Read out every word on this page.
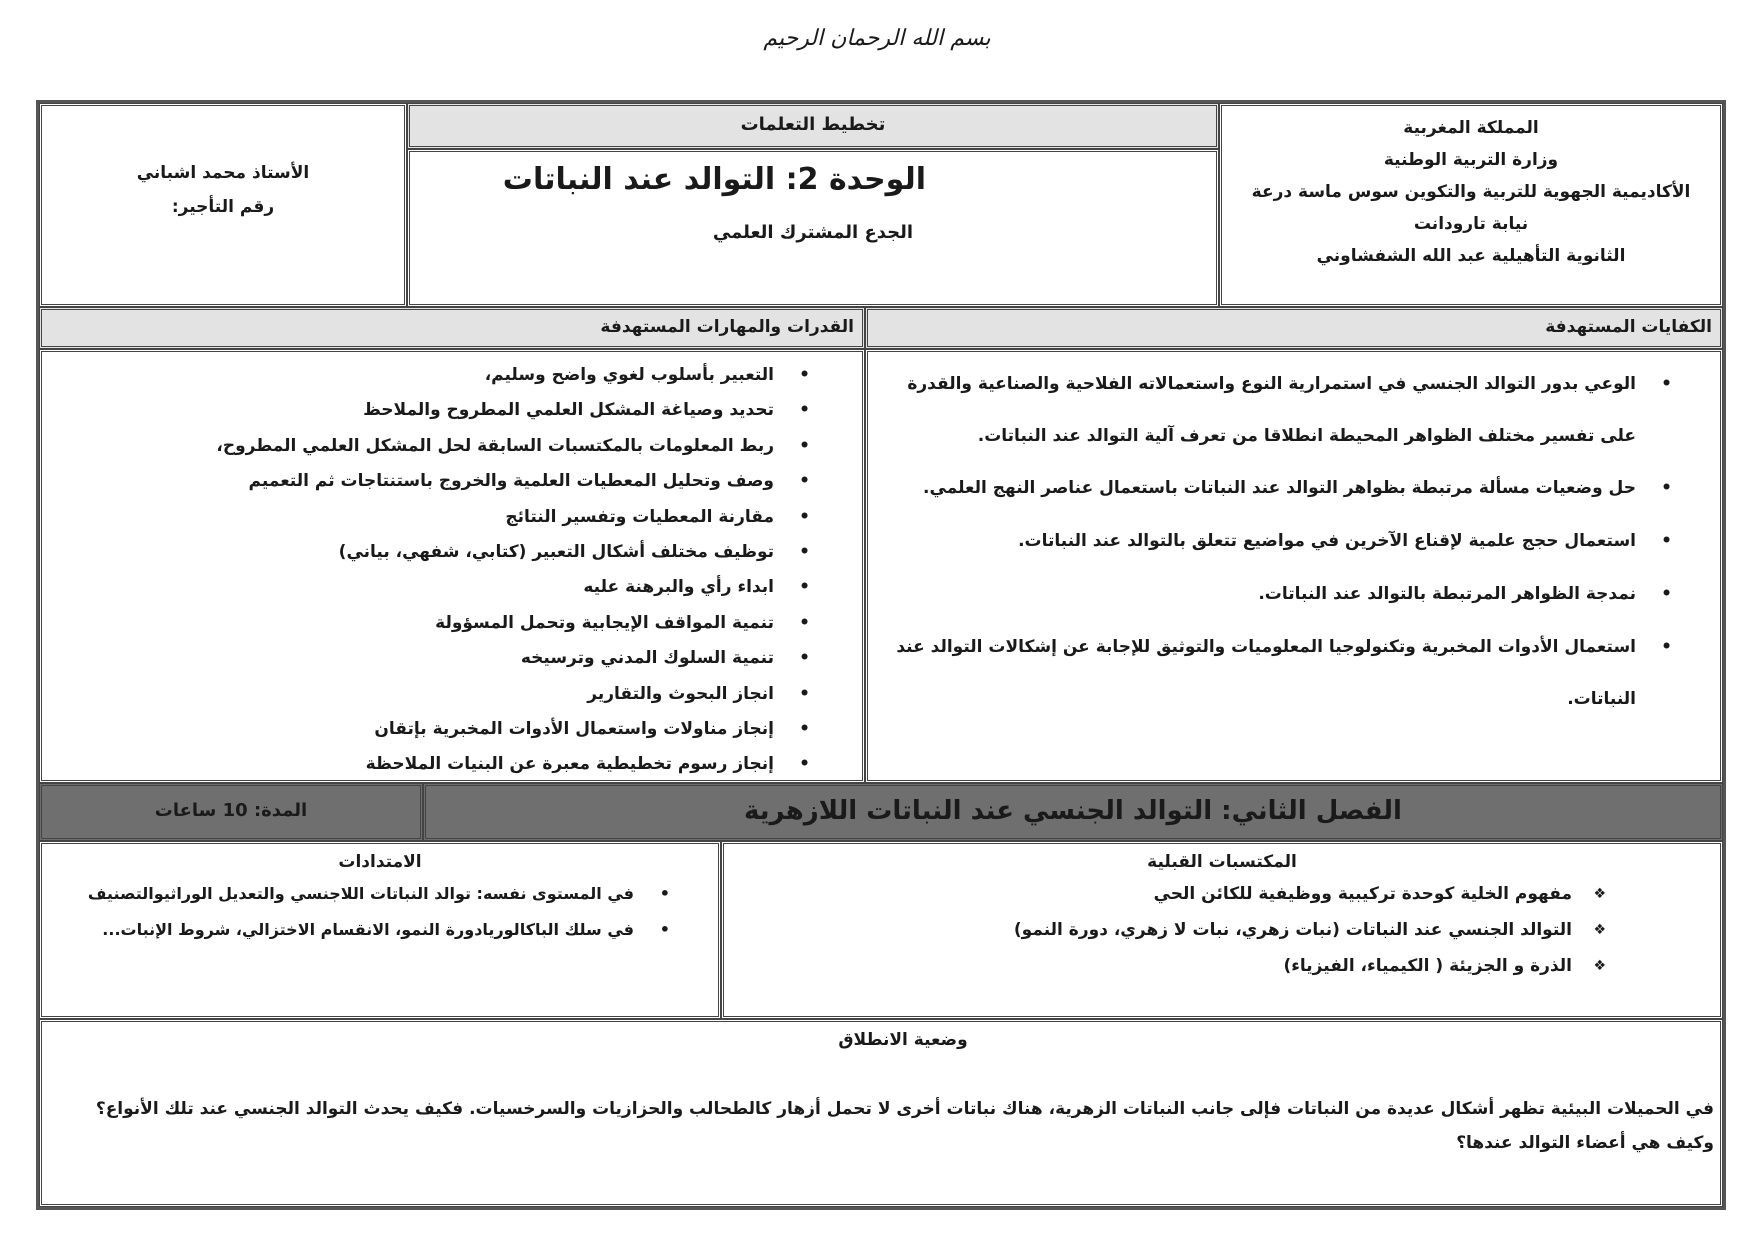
بسم الله الرحمان الرحيم

المملكة المغربية

وزارة التربية الوطنية

الأكاديمية الجهوية للتربية والتكوين سوس ماسة درعة

نيابة تارودانت

الثانوية التأهيلية عبد الله الشفشاوني

تخطيط التعلمات
الوحدة 2: التوالد عند النباتات
الجدع المشترك العلمي

الأستاذ محمد اشباني

رقم التأجير:

الكفايات المستهدفة
القدرات والمهارات المستهدفة
• الوعي بدور التوالد الجنسي في استمرارية النوع واستعمالاته الفلاحية والصناعية والقدرة على تفسير مختلف الظواهر المحيطة انطلاقا من تعرف آلية التوالد عند النباتات.
• حل وضعيات مسألة مرتبطة بظواهر التوالد عند النباتات باستعمال عناصر النهج العلمي.
• استعمال حجج علمية لإقناع الآخرين في مواضيع تتعلق بالتوالد عند النباتات.
• نمدجة الظواهر المرتبطة بالتوالد عند النباتات.
• استعمال الأدوات المخبرية وتكنولوجيا المعلوميات والتوثيق للإجابة عن إشكالات التوالد عند النباتات.
• التعبير بأسلوب لغوي واضح وسليم،
• تحديد وصياغة المشكل العلمي المطروح والملاحظ
• ربط المعلومات بالمكتسبات السابقة لحل المشكل العلمي المطروح،
• وصف وتحليل المعطيات العلمية والخروج باستنتاجات ثم التعميم
• مقارنة المعطيات وتفسير النتائج
• توظيف مختلف أشكال التعبير (كتابي، شفهي، بياني)
• ابداء رأي والبرهنة عليه
• تنمية المواقف الإيجابية وتحمل المسؤولة
• تنمية السلوك المدني وترسيخه
• انجاز البحوث والتقارير
• إنجاز مناولات واستعمال الأدوات المخبرية بإتقان
• إنجاز رسوم تخطيطية معبرة عن البنيات الملاحظة
الفصل الثاني: التوالد الجنسي عند النباتات اللازهرية
المدة: 10 ساعات
المكتسبات القبلية
❖ مفهوم الخلية كوحدة تركيبية ووظيفية للكائن الحي
❖ التوالد الجنسي عند النباتات (نبات زهري، نبات لا زهري، دورة النمو)
❖ الذرة و الجزيئة ( الكيمياء، الفيزياء)
الامتدادات
• في المستوى نفسه: توالد النباتات اللاجنسي والتعديل الوراثيوالتصنيف
• في سلك الباكالوريادورة النمو، الانقسام الاختزالي، شروط الإنبات...
وضعية الانطلاق
في الحميلات البيئية تظهر أشكال عديدة من النباتات فإلى جانب النباتات الزهرية، هناك نباتات أخرى لا تحمل أزهار كالطحالب والحزازيات والسرخسيات. فكيف يحدث التوالد الجنسي عند تلك الأنواع؟ وكيف هي أعضاء التوالد عندها؟
